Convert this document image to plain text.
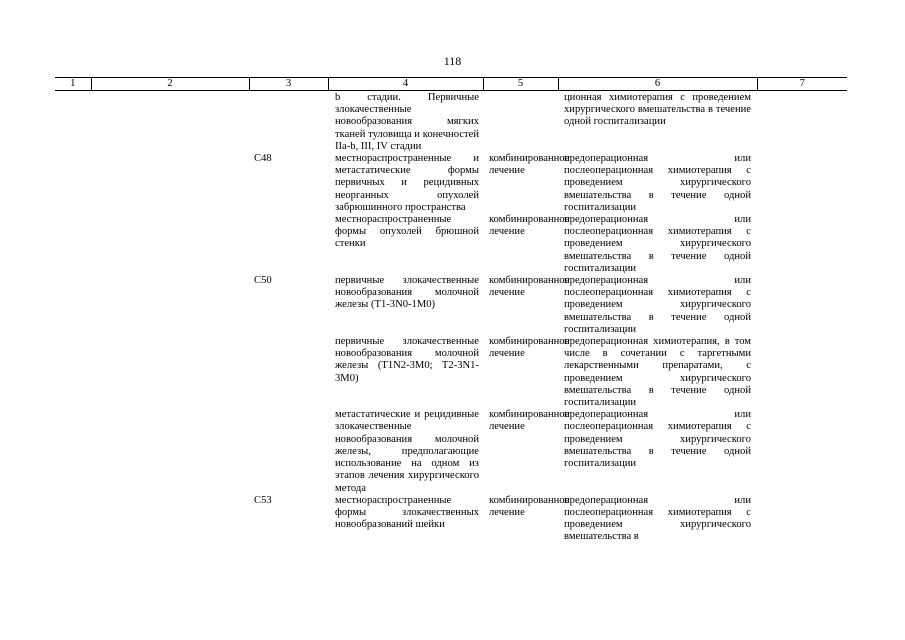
118
1	2	3	4	5	6	7
			b стадии. Первичные злокачественные новообразования мягких тканей туловища и конечностей IIa-b, III, IV стадии		ционная химиотерапия с проведением хирургического вмешательства в течение одной госпитализации	
		C48	местнораспространенные и метастатические формы первичных и рецидивных неорганных опухолей забрюшинного пространства	комбинированное лечение	предоперационная или послеоперационная химиотерапия с проведением хирургического вмешательства в течение одной госпитализации	
			местнораспространенные формы опухолей брюшной стенки	комбинированное лечение	предоперационная или послеоперационная химиотерапия с проведением хирургического вмешательства в течение одной госпитализации	
		C50	первичные злокачественные новообразования молочной железы (T1-3N0-1M0)	комбинированное лечение	предоперационная или послеоперационная химиотерапия с проведением хирургического вмешательства в течение одной госпитализации	
			первичные злокачественные новообразования молочной железы (T1N2-3M0; T2-3N1-3M0)	комбинированное лечение	предоперационная химиотерапия, в том числе в сочетании с таргетными лекарственными препаратами, с проведением хирургического вмешательства в течение одной госпитализации	
			метастатические и рецидивные злокачественные новообразования молочной железы, предполагающие использование на одном из этапов лечения хирургического метода	комбинированное лечение	предоперационная или послеоперационная химиотерапия с проведением хирургического вмешательства в течение одной госпитализации	
		C53	местнораспространенные формы злокачественных новообразований шейки	комбинированное лечение	предоперационная или послеоперационная химиотерапия с проведением хирургического вмешательства в	
